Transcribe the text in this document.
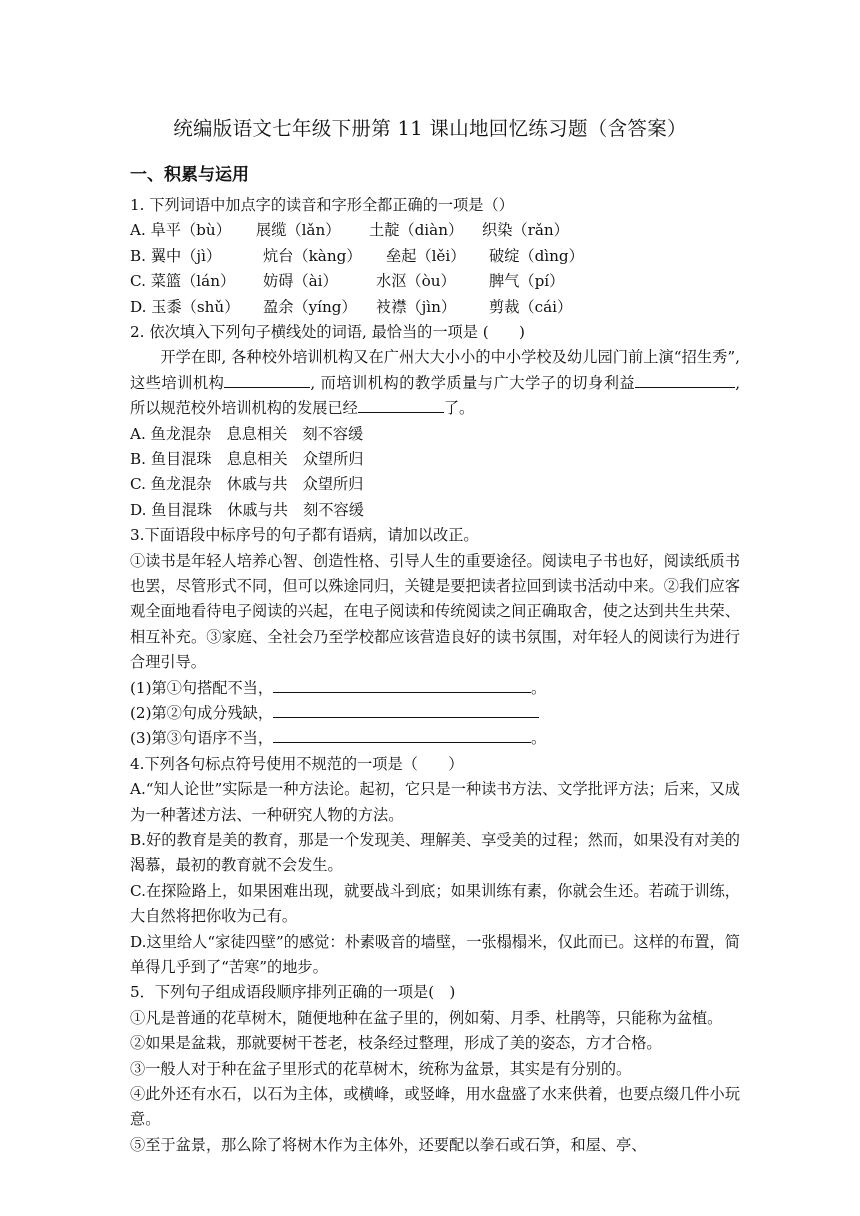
统编版语文七年级下册第 11 课山地回忆练习题（含答案）
一、积累与运用
1. 下列词语中加点字的读音和字形全都正确的一项是（）
A. 阜平（bù） 展缆（lǎn） 土靛（diàn） 织染（rǎn）
B. 翼中（jì）	炕台（kàng） 垒起（lěi） 破绽（dìng）
C. 菜篮（lán） 妨碍（ài）	水沤（òu） 脾气（pí）
D. 玉黍（shǔ） 盈余（yíng） 衼襟（jìn） 剪裁（cái）
2. 依次填入下列句子横线处的词语, 最恰当的一项是 (　　)
开学在即, 各种校外培训机构又在广州大大小小的中小学校及幼儿园门前上演“招生秀”, 这些培训机构	, 而培训机构的教学质量与广大学子的切身利益	, 所以规范校外培训机构的发展已经	了。
A. 鱼龙混杂　息息相关　刻不容缓
B. 鱼目混珠　息息相关　众望所归
C. 鱼龙混杂　休戚与共　众望所归
D. 鱼目混珠　休戚与共　刻不容缓
3.下面语段中标序号的句子都有语病，请加以改正。
①读书是年轻人培养心智、创造性格、引导人生的重要途径。阅读电子书也好，阅读纸质书也罢，尽管形式不同，但可以殊途同归，关键是要把读者拉回到读书活动中来。②我们应客观全面地看待电子阅读的兴起，在电子阅读和传统阅读之间正确取舍，使之达到共生共荣、相互补充。③家庭、全社会乃至学校都应该营造良好的读书氛围，对年轻人的阅读行为进行合理引导。
(1)第①句搭配不当，	。
(2)第②句成分残缺，
(3)第③句语序不当，	。
4.下列各句标点符号使用不规范的一项是（　　）
A.“知人论世”实际是一种方法论。起初，它只是一种读书方法、文学批评方法；后来，又成为一种著述方法、一种研究人物的方法。
B.好的教育是美的教育，那是一个发现美、理解美、享受美的过程；然而，如果没有对美的渴慕，最初的教育就不会发生。
C.在探险路上，如果困难出现，就要战斗到底；如果训练有素，你就会生还。若疏于训练，大自然将把你收为己有。
D.这里给人“家徒四壁”的感觉：朴素吸音的墙壁，一张榻榻米，仅此而已。这样的布置，简单得几乎到了“苦寒”的地步。
5．下列句子组成语段顺序排列正确的一项是(　)
①凡是普通的花草树木，随便地种在盆子里的，例如菊、月季、杜鹃等，只能称为盆植。
②如果是盆栽，那就要树干苍老，枝条经过整理，形成了美的姿态，方才合格。
③一般人对于种在盆子里形式的花草树木，统称为盆景，其实是有分别的。
④此外还有水石，以石为主体，或横峰，或竖峰，用水盘盛了水来供着，也要点缀几件小玩意。
⑤至于盆景，那么除了将树木作为主体外，还要配以拳石或石笋，和屋、亭、
